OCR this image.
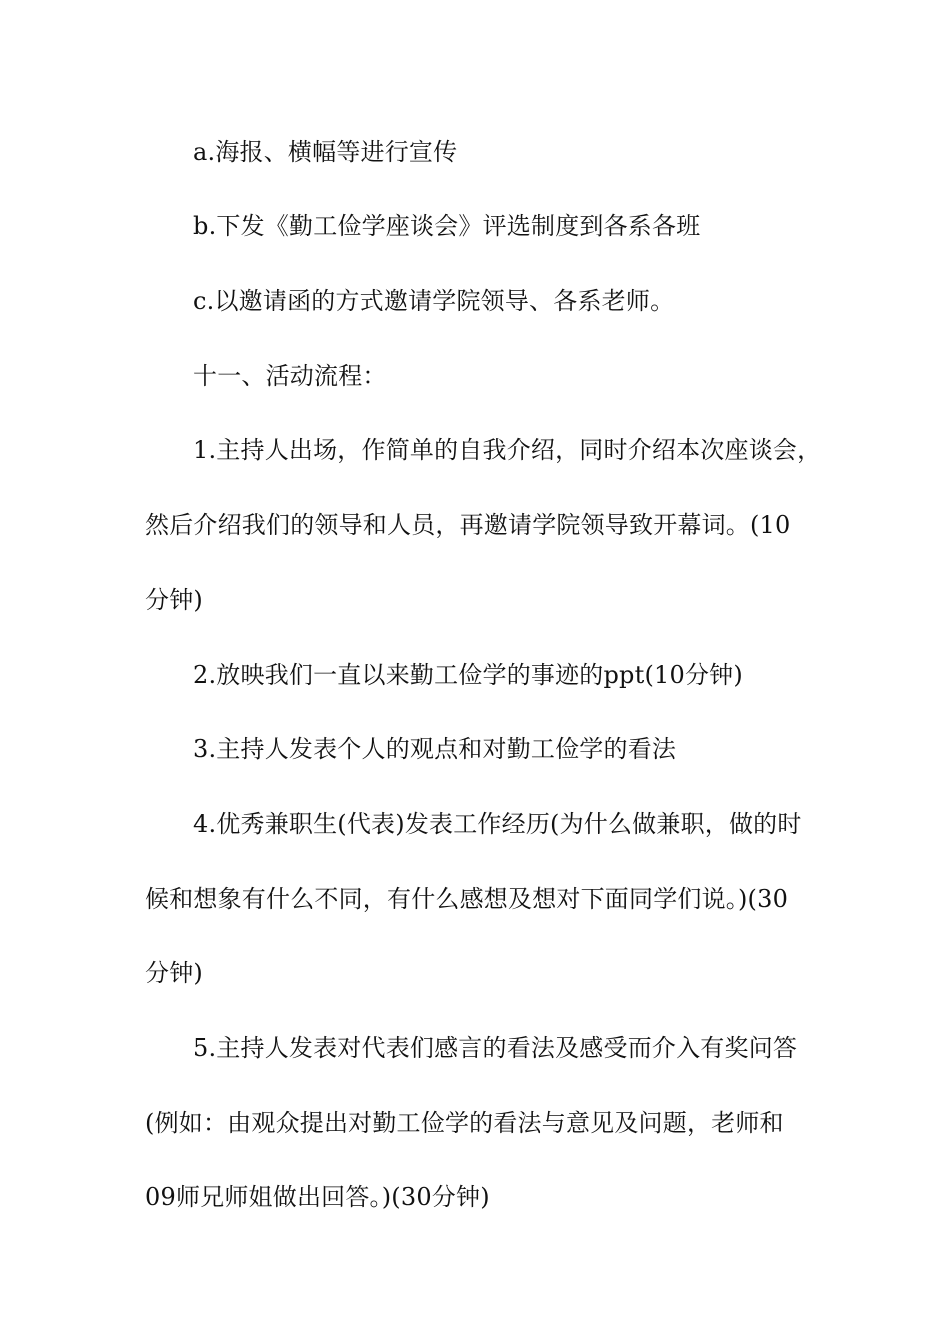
a.海报、横幅等进行宣传
b.下发《勤工俭学座谈会》评选制度到各系各班
c.以邀请函的方式邀请学院领导、各系老师。
十一、活动流程：
1.主持人出场，作简单的自我介绍，同时介绍本次座谈会，
然后介绍我们的领导和人员，再邀请学院领导致开幕词。(10
分钟)
2.放映我们一直以来勤工俭学的事迹的ppt(10分钟)
3.主持人发表个人的观点和对勤工俭学的看法
4.优秀兼职生(代表)发表工作经历(为什么做兼职，做的时
候和想象有什么不同，有什么感想及想对下面同学们说。)(30
分钟)
5.主持人发表对代表们感言的看法及感受而介入有奖问答
(例如：由观众提出对勤工俭学的看法与意见及问题，老师和
09师兄师姐做出回答。)(30分钟)
